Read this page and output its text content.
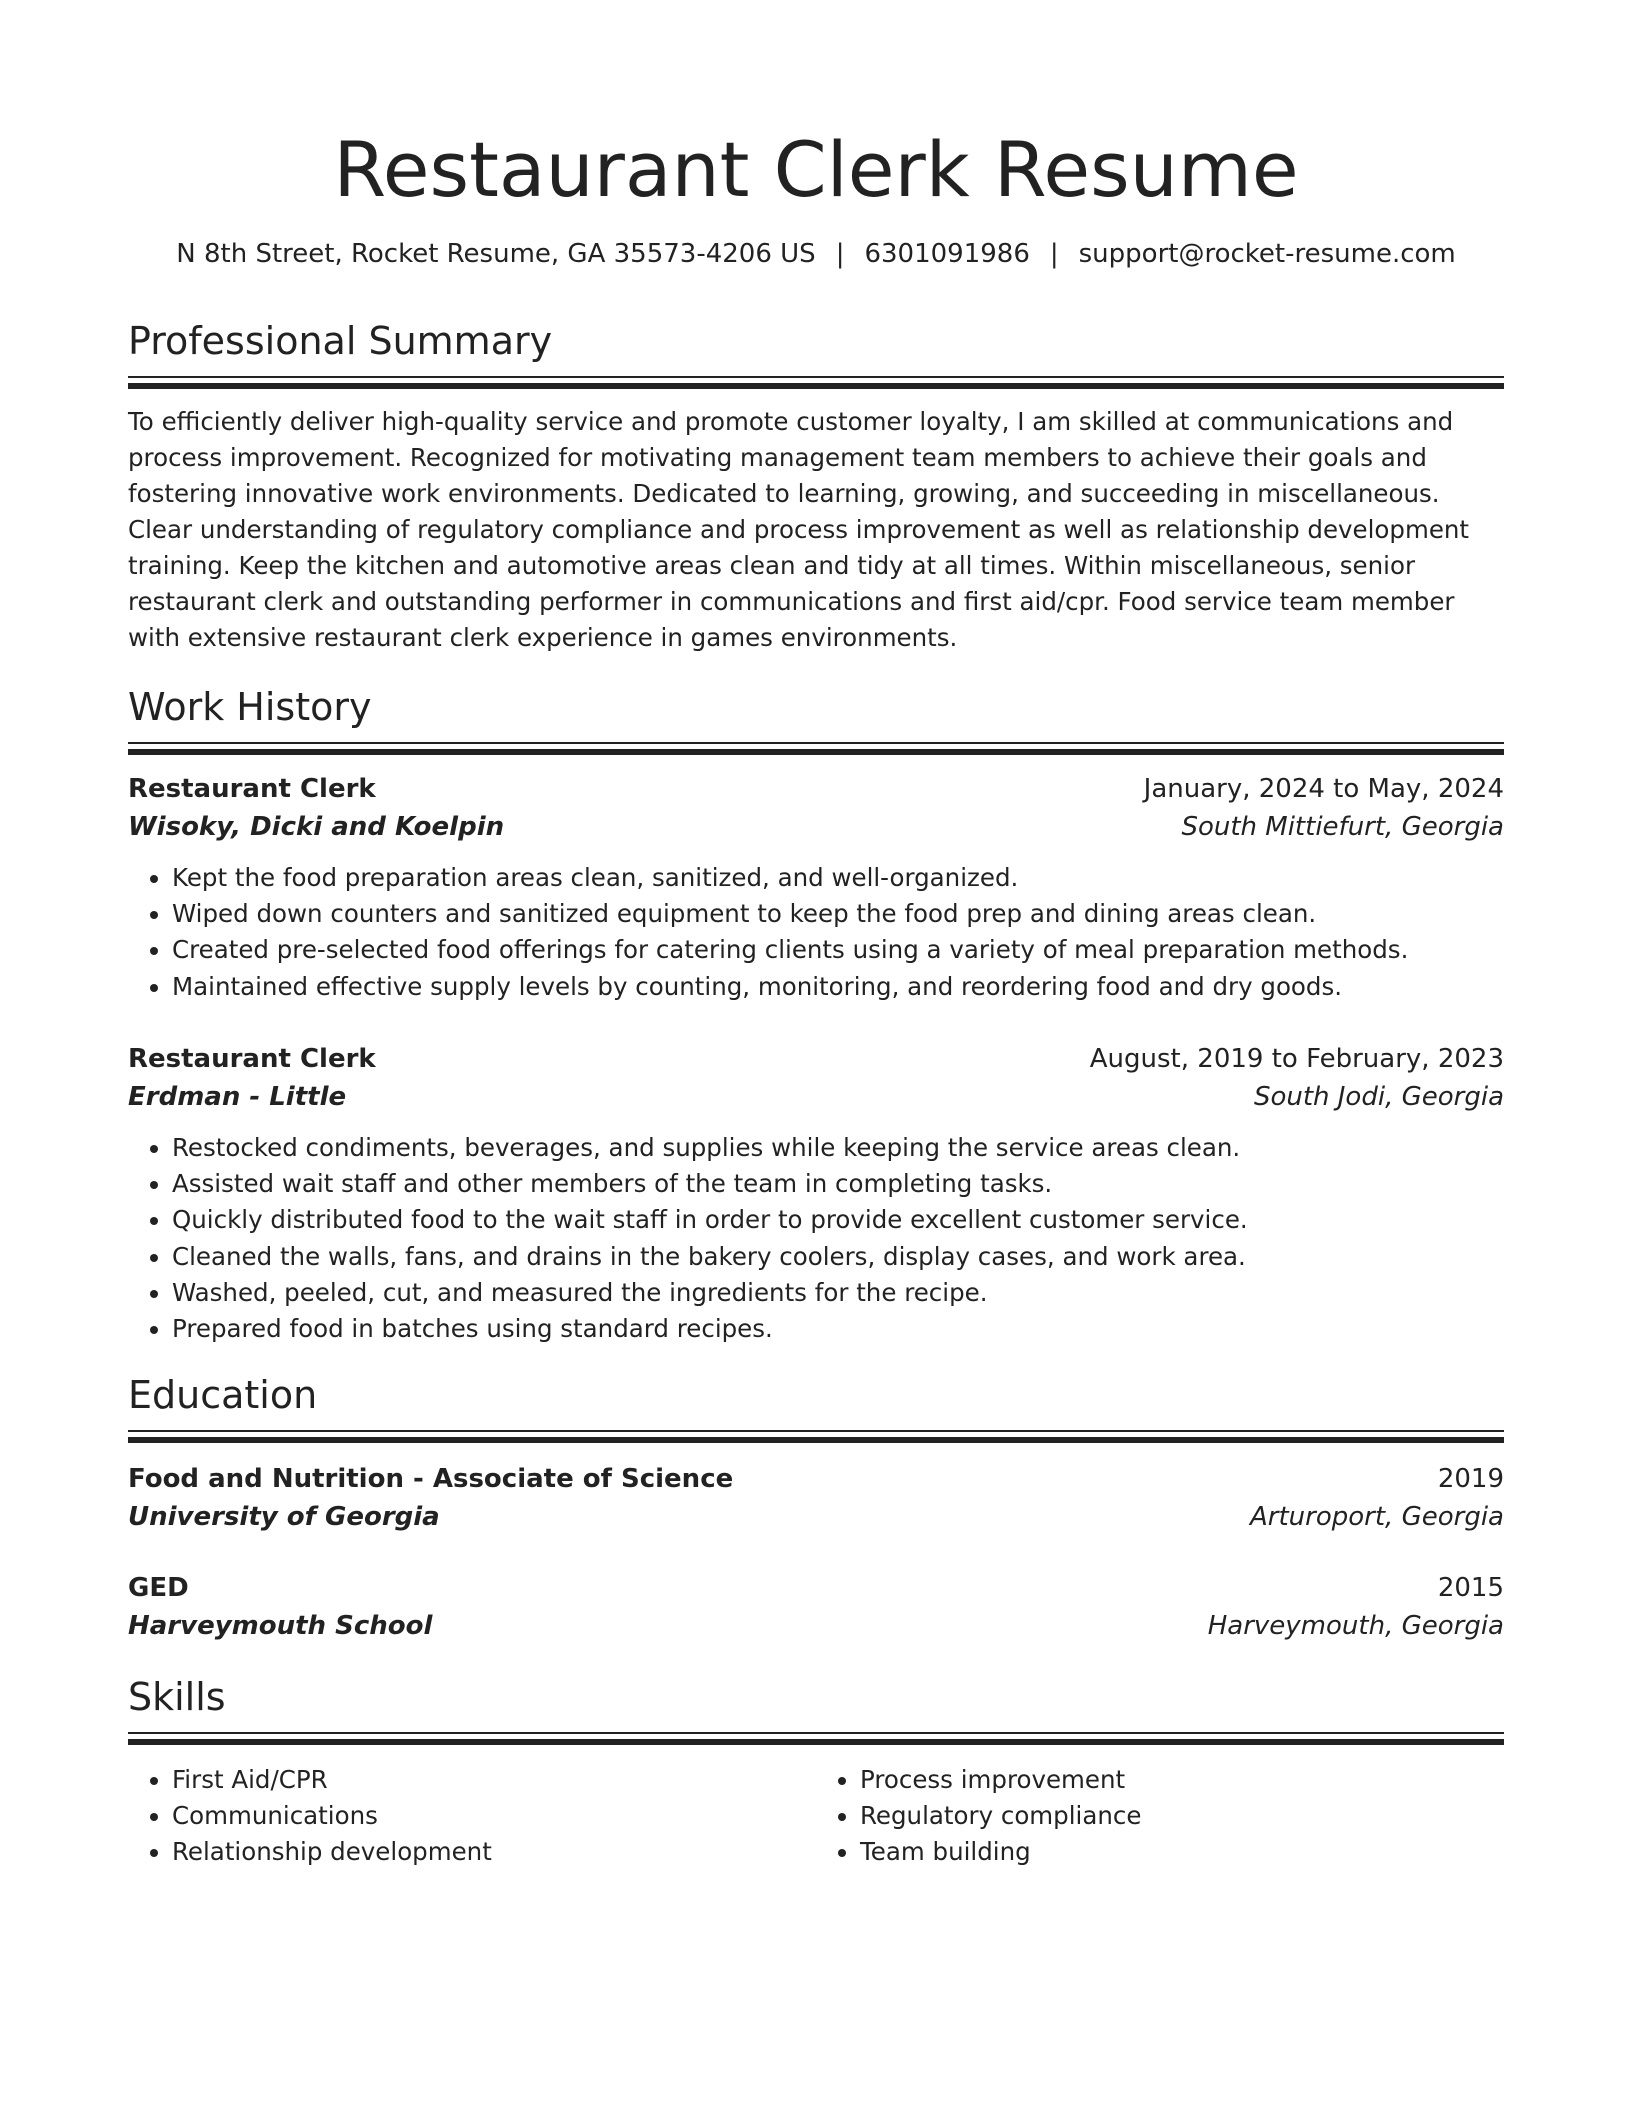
Restaurant Clerk Resume
N 8th Street, Rocket Resume, GA 35573-4206 US | 6301091986 | support@rocket-resume.com
Professional Summary
To efficiently deliver high-quality service and promote customer loyalty, I am skilled at communications and process improvement. Recognized for motivating management team members to achieve their goals and fostering innovative work environments. Dedicated to learning, growing, and succeeding in miscellaneous. Clear understanding of regulatory compliance and process improvement as well as relationship development training. Keep the kitchen and automotive areas clean and tidy at all times. Within miscellaneous, senior restaurant clerk and outstanding performer in communications and first aid/cpr. Food service team member with extensive restaurant clerk experience in games environments.
Work History
Restaurant Clerk	January, 2024 to May, 2024
Wisoky, Dicki and Koelpin	South Mittiefurt, Georgia
• Kept the food preparation areas clean, sanitized, and well-organized.
• Wiped down counters and sanitized equipment to keep the food prep and dining areas clean.
• Created pre-selected food offerings for catering clients using a variety of meal preparation methods.
• Maintained effective supply levels by counting, monitoring, and reordering food and dry goods.
Restaurant Clerk	August, 2019 to February, 2023
Erdman - Little	South Jodi, Georgia
• Restocked condiments, beverages, and supplies while keeping the service areas clean.
• Assisted wait staff and other members of the team in completing tasks.
• Quickly distributed food to the wait staff in order to provide excellent customer service.
• Cleaned the walls, fans, and drains in the bakery coolers, display cases, and work area.
• Washed, peeled, cut, and measured the ingredients for the recipe.
• Prepared food in batches using standard recipes.
Education
Food and Nutrition - Associate of Science	2019
University of Georgia	Arturoport, Georgia
GED	2015
Harveymouth School	Harveymouth, Georgia
Skills
• First Aid/CPR
• Communications
• Relationship development
• Process improvement
• Regulatory compliance
• Team building
